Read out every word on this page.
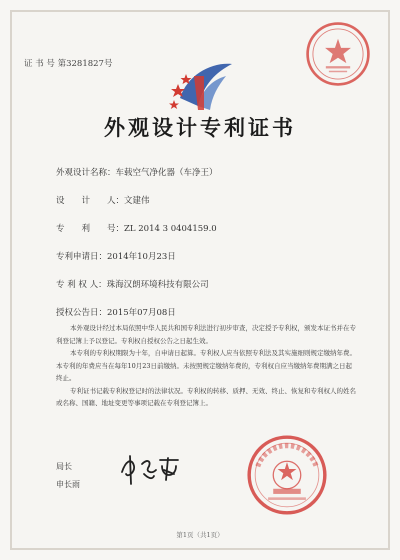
证 书 号 第3281827号
外观设计专利证书
外观设计名称：车载空气净化器（车净王）
设　　计　　人：文建伟
专　　利　　号：ZL 2014 3 0404159.0
专利申请日：2014年10月23日
专 利 权 人：珠海汉朗环境科技有限公司
授权公告日：2015年07月08日

本外观设计经过本局依照中华人民共和国专利法进行初步审查，决定授予专利权，颁发本证书并在专利登记簿上予以登记。专利权自授权公告之日起生效。

本专利的专利权期限为十年，自申请日起算。专利权人应当依照专利法及其实施细则规定缴纳年费。本专利的年费应当在每年10月23日前缴纳。未按照规定缴纳年费的，专利权自应当缴纳年费期满之日起终止。

专利证书记载专利权登记时的法律状况。专利权的转移、质押、无效、终止、恢复和专利权人的姓名或名称、国籍、地址变更等事项记载在专利登记簿上。

局长
申长雨
第1页（共1页）
